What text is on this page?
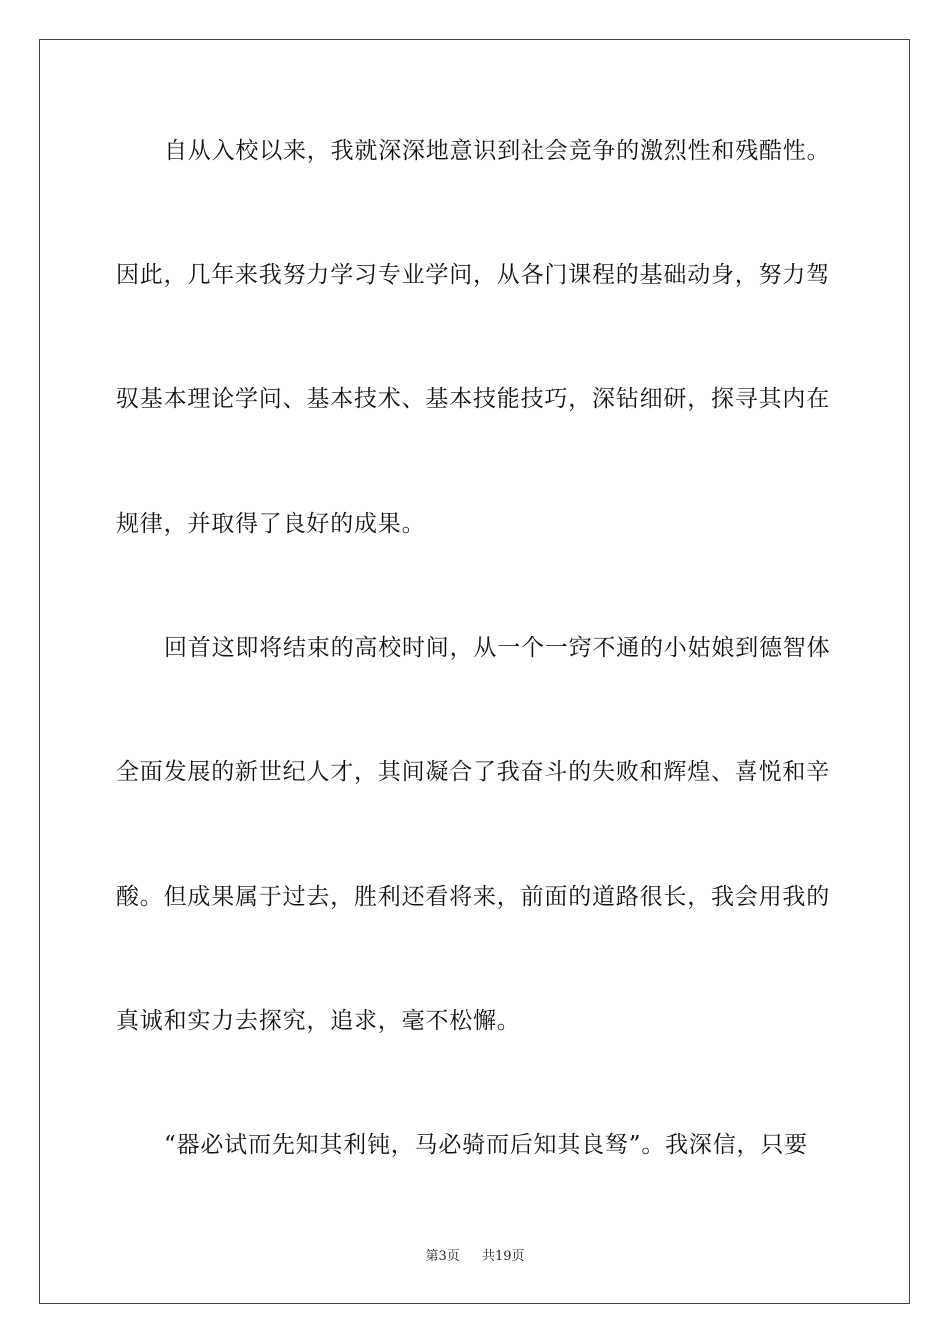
自从入校以来，我就深深地意识到社会竞争的激烈性和残酷性。
因此，几年来我努力学习专业学问，从各门课程的基础动身，努力驾
驭基本理论学问、基本技术、基本技能技巧，深钻细研，探寻其内在
规律，并取得了良好的成果。
回首这即将结束的高校时间，从一个一窍不通的小姑娘到德智体
全面发展的新世纪人才，其间凝合了我奋斗的失败和辉煌、喜悦和辛
酸。但成果属于过去，胜利还看将来，前面的道路很长，我会用我的
真诚和实力去探究，追求，毫不松懈。
“器必试而先知其利钝，马必骑而后知其良驽”。我深信，只要
第3页 共19页
